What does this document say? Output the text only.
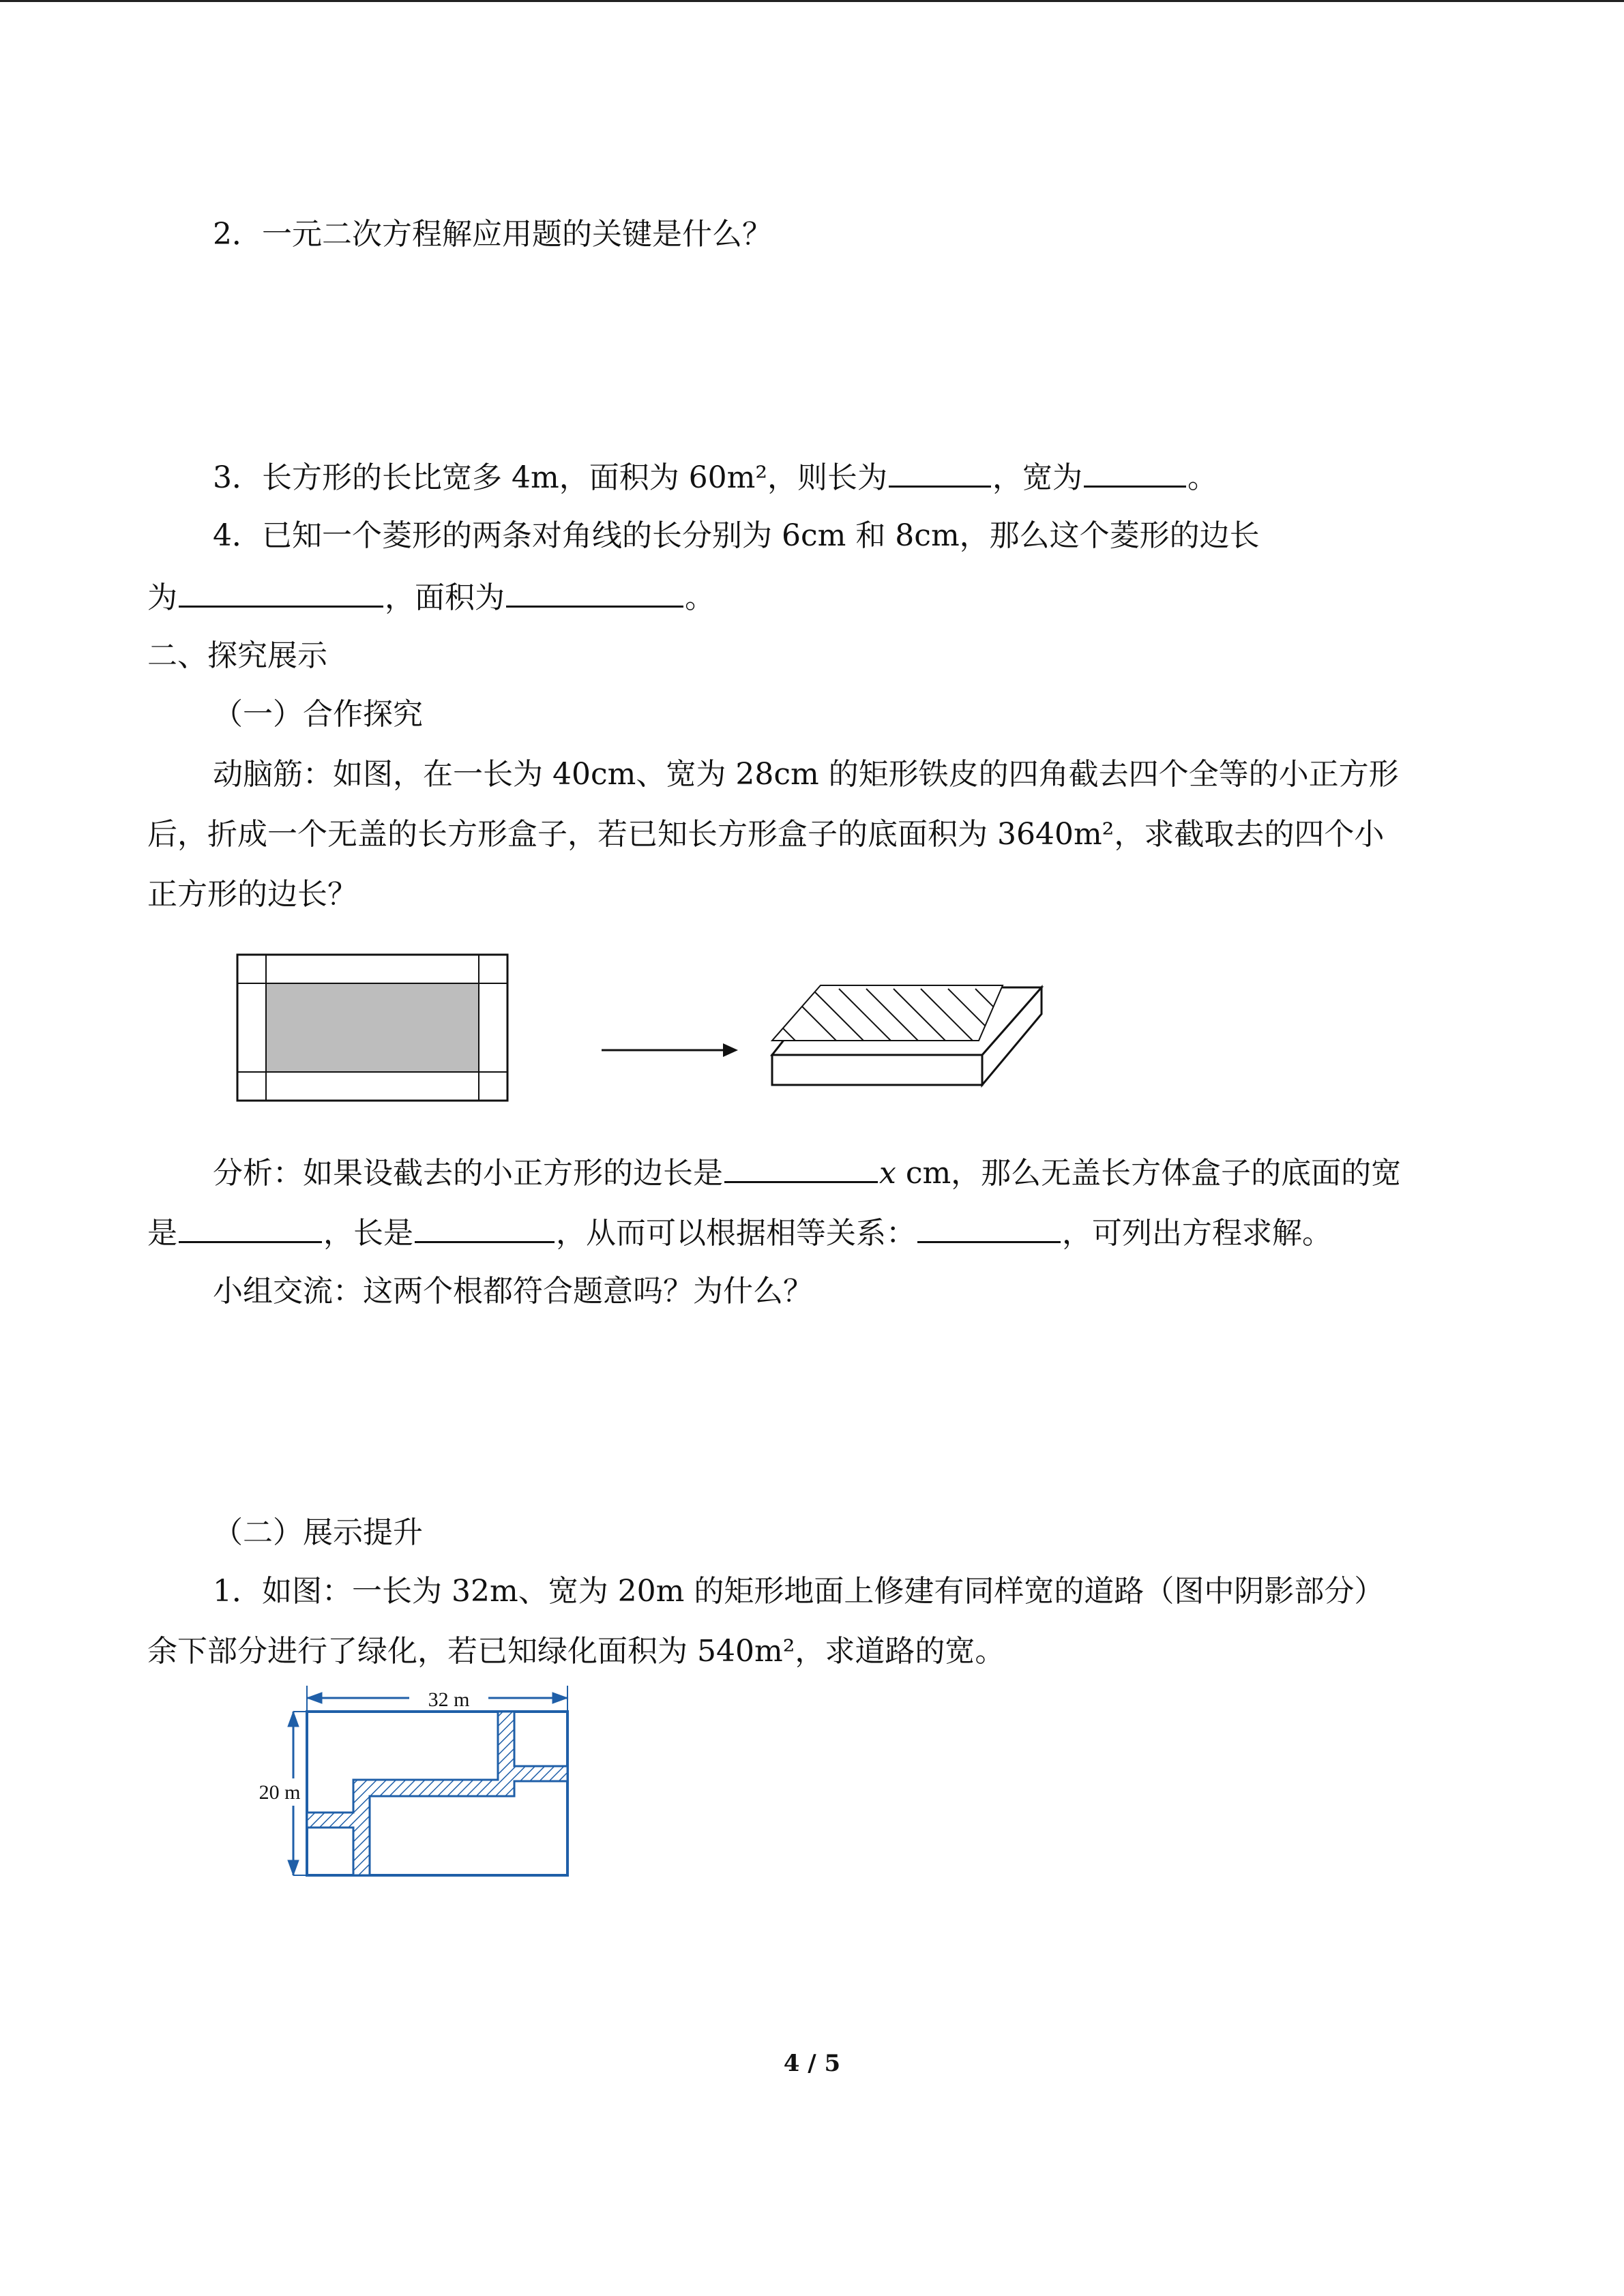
2．一元二次方程解应用题的关键是什么？
3．长方形的长比宽多 4m，面积为 60m²，则长为	，宽为	。
4．已知一个菱形的两条对角线的长分别为 6cm 和 8cm，那么这个菱形的边长
为	，面积为	。
二、探究展示
（一）合作探究
动脑筋：如图，在一长为 40cm、宽为 28cm 的矩形铁皮的四角截去四个全等的小正方形
后，折成一个无盖的长方形盒子，若已知长方形盒子的底面积为 3640m²，求截取去的四个小
正方形的边长？
分析：如果设截去的小正方形的边长是	x cm，那么无盖长方体盒子的底面的宽
是	，长是	，从而可以根据相等关系：	，可列出方程求解。
小组交流：这两个根都符合题意吗？为什么？
（二）展示提升
1．如图：一长为 32m、宽为 20m 的矩形地面上修建有同样宽的道路（图中阴影部分）
余下部分进行了绿化，若已知绿化面积为 540m²，求道路的宽。
32 m
20 m
4 / 5
